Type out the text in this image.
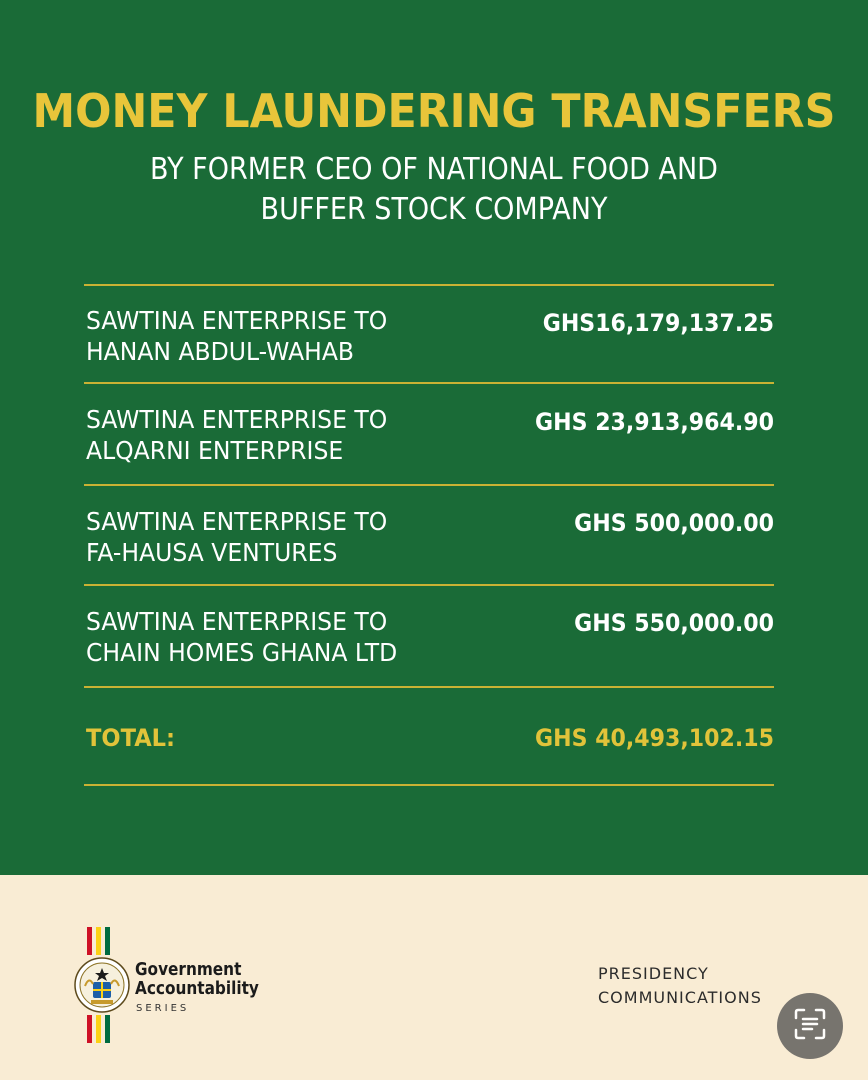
MONEY LAUNDERING TRANSFERS
BY FORMER CEO OF NATIONAL FOOD AND
BUFFER STOCK COMPANY
SAWTINA ENTERPRISE TO
HANAN ABDUL-WAHAB
GHS16,179,137.25
SAWTINA ENTERPRISE TO
ALQARNI ENTERPRISE
GHS 23,913,964.90
SAWTINA ENTERPRISE TO
FA-HAUSA VENTURES
GHS 500,000.00
SAWTINA ENTERPRISE TO
CHAIN HOMES GHANA LTD
GHS 550,000.00
TOTAL:	GHS 40,493,102.15
Government
Accountability
SERIES
PRESIDENCY
COMMUNICATIONS
